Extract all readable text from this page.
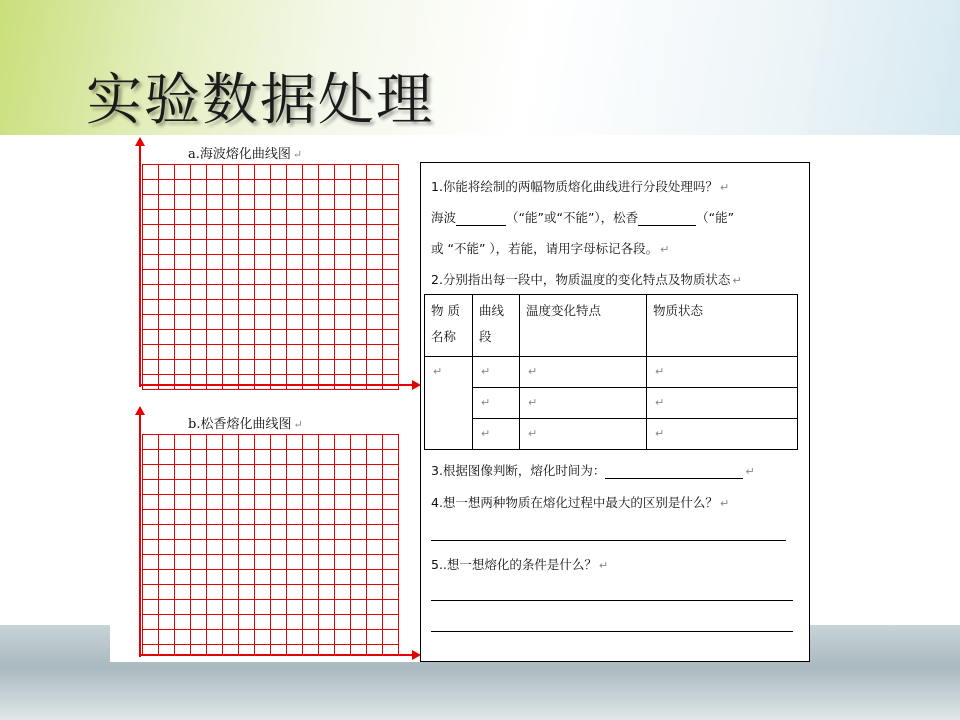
实验数据处理
a.海波熔化曲线图 ↵
b.松香熔化曲线图 ↵
1.你能将绘制的两幅物质熔化曲线进行分段处理吗？ ↵
海波	（“能”或“不能”），松香	（“能”
或 “不能” ），若能，请用字母标记各段。 ↵
2.分别指出每一段中，物质温度的变化特点及物质状态 ↵
物 质 名称	曲线 段	温度变化特点	物质状态
↵	↵	↵	↵
	↵	↵	↵
	↵	↵	↵
3.根据图像判断，熔化时间为：	↵
4.想一想两种物质在熔化过程中最大的区别是什么？ ↵
5..想一想熔化的条件是什么？ ↵
